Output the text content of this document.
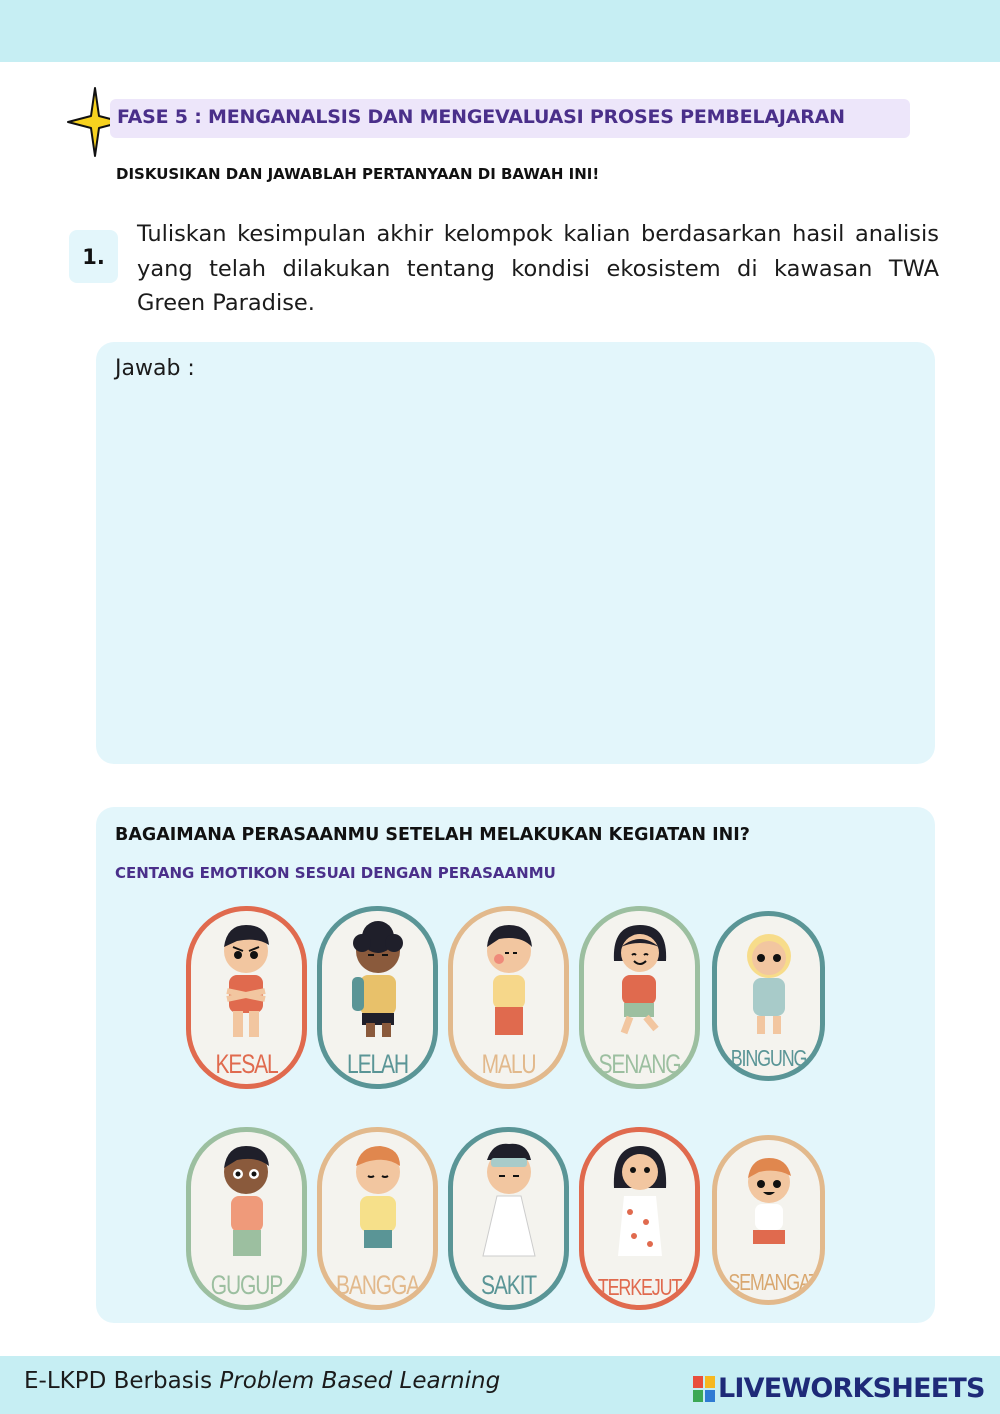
FASE 5 : MENGANALSIS DAN MENGEVALUASI PROSES PEMBELAJARAN
DISKUSIKAN DAN JAWABLAH PERTANYAAN DI BAWAH INI!
1.
Tuliskan kesimpulan akhir kelompok kalian berdasarkan hasil analisis yang telah dilakukan tentang kondisi ekosistem di kawasan TWA Green Paradise.
Jawab :
BAGAIMANA PERASAANMU SETELAH MELAKUKAN KEGIATAN INI?
CENTANG EMOTIKON SESUAI DENGAN PERASAANMU
KESAL	LELAH	MALU	SENANG BINGUNG
GUGUP BANGGA	SAKIT	TERKEJUT SEMANGAT
E-LKPD Berbasis Problem Based Learning	LIVEWORKSHEETS
